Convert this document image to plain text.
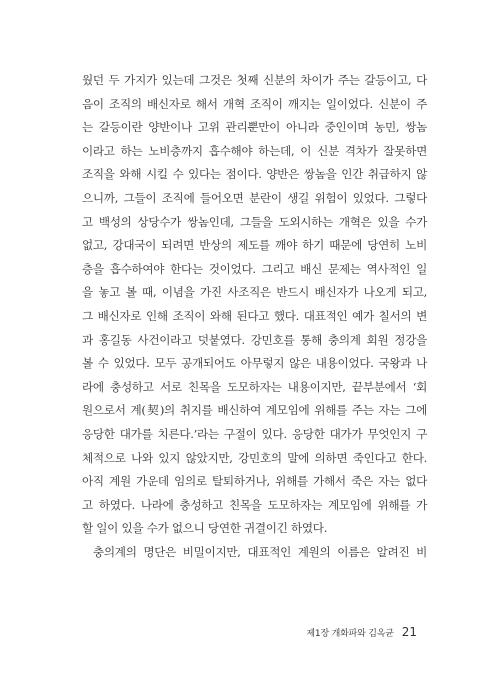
웠던 두 가지가 있는데 그것은 첫째 신분의 차이가 주는 갈등이고, 다
음이 조직의 배신자로 해서 개혁 조직이 깨지는 일이었다. 신분이 주
는 갈등이란 양반이나 고위 관리뿐만이 아니라 중인이며 농민, 쌍놈
이라고 하는 노비층까지 흡수해야 하는데, 이 신분 격차가 잘못하면
조직을 와해 시킬 수 있다는 점이다. 양반은 쌍놈을 인간 취급하지 않
으니까, 그들이 조직에 들어오면 분란이 생길 위험이 있었다. 그렇다
고 백성의 상당수가 쌍놈인데, 그들을 도외시하는 개혁은 있을 수가
없고, 강대국이 되려면 반상의 제도를 깨야 하기 때문에 당연히 노비
층을 흡수하여야 한다는 것이었다. 그리고 배신 문제는 역사적인 일
을 놓고 볼 때, 이념을 가진 사조직은 반드시 배신자가 나오게 되고,
그 배신자로 인해 조직이 와해 된다고 했다. 대표적인 예가 칠서의 변
과 홍길동 사건이라고 덧붙였다. 강민호를 통해 충의계 회원 정강을
볼 수 있었다. 모두 공개되어도 아무렇지 않은 내용이었다. 국왕과 나
라에 충성하고 서로 친목을 도모하자는 내용이지만, 끝부분에서 ‘회
원으로서 계(契)의 취지를 배신하여 계모임에 위해를 주는 자는 그에
응당한 대가를 치른다.’라는 구절이 있다. 응당한 대가가 무엇인지 구
체적으로 나와 있지 않았지만, 강민호의 말에 의하면 죽인다고 한다.
아직 계원 가운데 임의로 탈퇴하거나, 위해를 가해서 죽은 자는 없다
고 하였다. 나라에 충성하고 친목을 도모하자는 계모임에 위해를 가
할 일이 있을 수가 없으니 당연한 귀결이긴 하였다.
충의계의 명단은 비밀이지만, 대표적인 계원의 이름은 알려진 비
제1장 개화파와 김옥균 21
